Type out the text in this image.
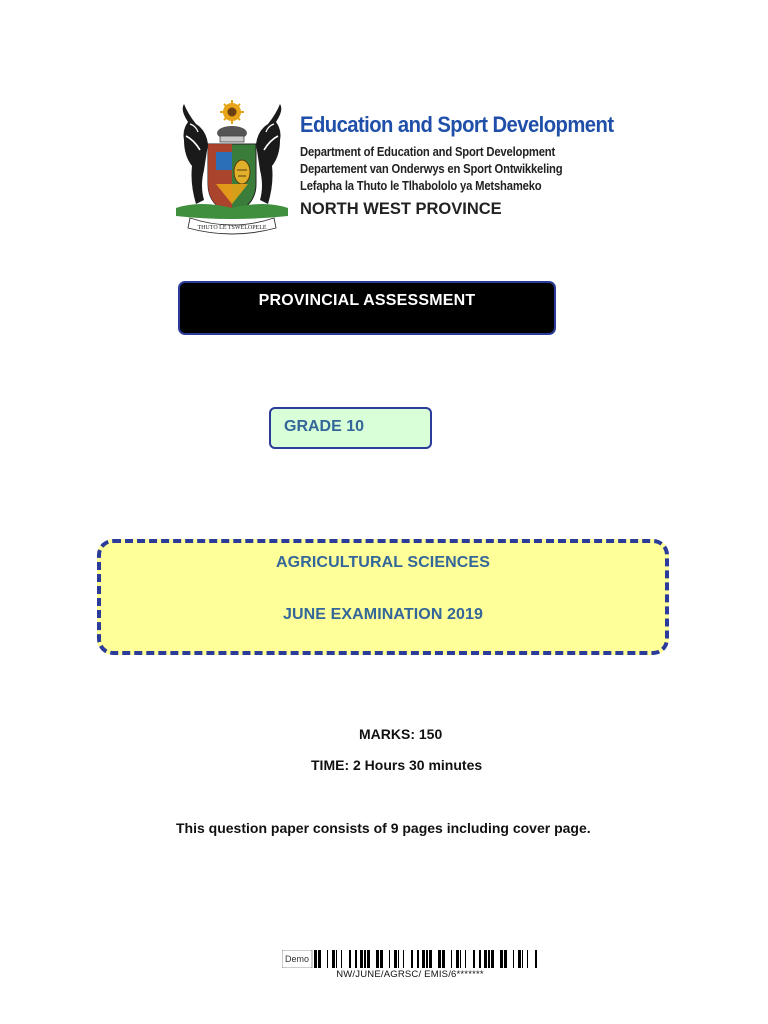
THUTO LE TSWELOPELE
Education and Sport Development
Department of Education and Sport Development
Departement van Onderwys en Sport Ontwikkeling
Lefapha la Thuto le Tlhabololo ya Metshameko
NORTH WEST PROVINCE
PROVINCIAL ASSESSMENT
GRADE 10
AGRICULTURAL SCIENCES
JUNE EXAMINATION 2019
MARKS: 150
TIME: 2 Hours 30 minutes
This question paper consists of 9 pages including cover page.
Demo
NW/JUNE/AGRSC/ EMIS/6*******
